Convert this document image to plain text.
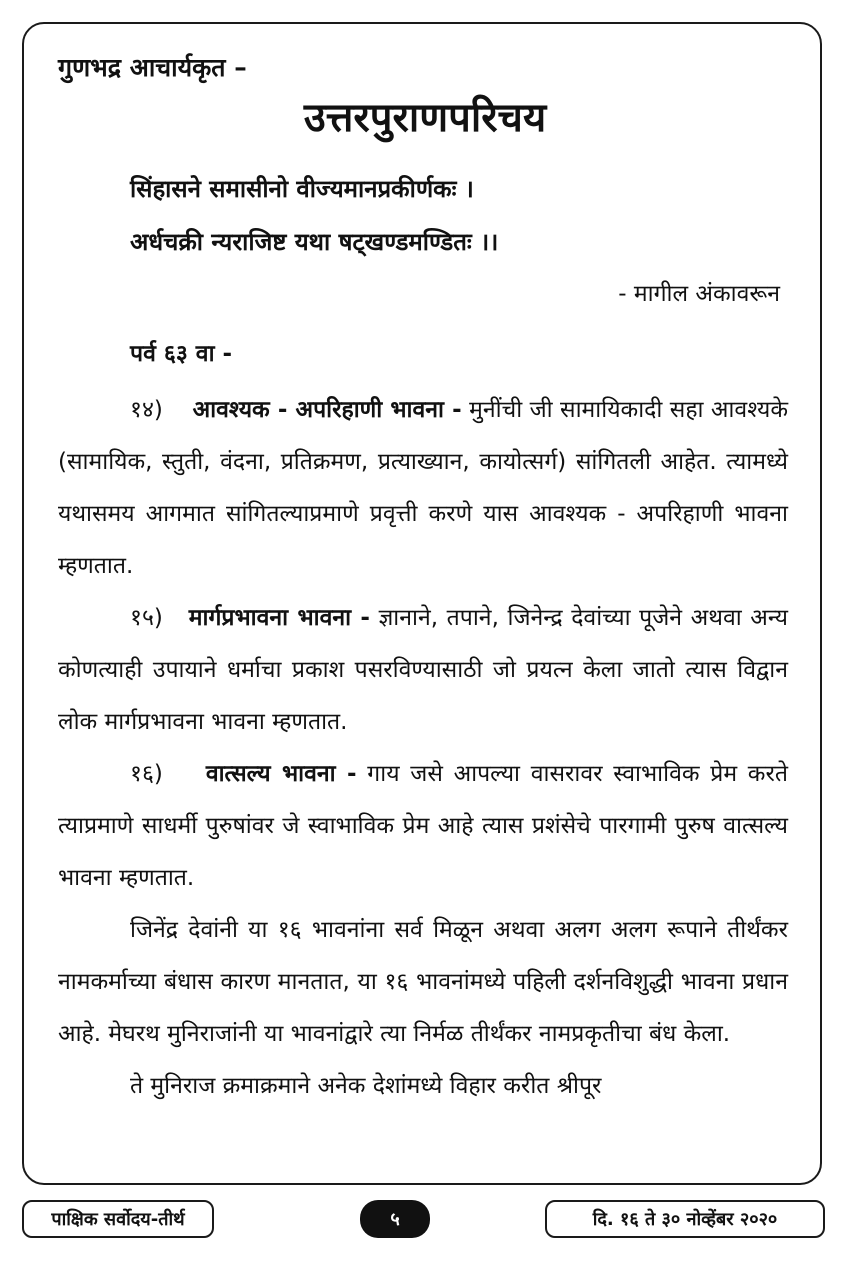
गुणभद्र आचार्यकृत –
उत्तरपुराणपरिचय
सिंहासने समासीनो वीज्यमानप्रकीर्णकः ।
अर्धचक्री न्यराजिष्ट यथा षट्खण्डमण्डितः ।।
- मागील अंकावरून
पर्व ६३ वा -

१४) आवश्यक - अपरिहाणी भावना - मुनींची जी सामायिकादी सहा आवश्यके (सामायिक, स्तुती, वंदना, प्रतिक्रमण, प्रत्याख्यान, कायोत्सर्ग) सांगितली आहेत. त्यामध्ये यथासमय आगमात सांगितल्याप्रमाणे प्रवृत्ती करणे यास आवश्यक - अपरिहाणी भावना म्हणतात.

१५) मार्गप्रभावना भावना - ज्ञानाने, तपाने, जिनेन्द्र देवांच्या पूजेने अथवा अन्य कोणत्याही उपायाने धर्माचा प्रकाश पसरविण्यासाठी जो प्रयत्न केला जातो त्यास विद्वान लोक मार्गप्रभावना भावना म्हणतात.

१६) वात्सल्य भावना - गाय जसे आपल्या वासरावर स्वाभाविक प्रेम करते त्याप्रमाणे साधर्मी पुरुषांवर जे स्वाभाविक प्रेम आहे त्यास प्रशंसेचे पारगामी पुरुष वात्सल्य भावना म्हणतात.

जिनेंद्र देवांनी या १६ भावनांना सर्व मिळून अथवा अलग अलग रूपाने तीर्थंकर नामकर्माच्या बंधास कारण मानतात, या १६ भावनांमध्ये पहिली दर्शनविशुद्धी भावना प्रधान आहे. मेघरथ मुनिराजांनी या भावनांद्वारे त्या निर्मळ तीर्थंकर नामप्रकृतीचा बंध केला.

ते मुनिराज क्रमाक्रमाने अनेक देशांमध्ये विहार करीत श्रीपूर

पाक्षिक सर्वोदय-तीर्थ	५	दि. १६ ते ३० नोव्हेंबर २०२०
